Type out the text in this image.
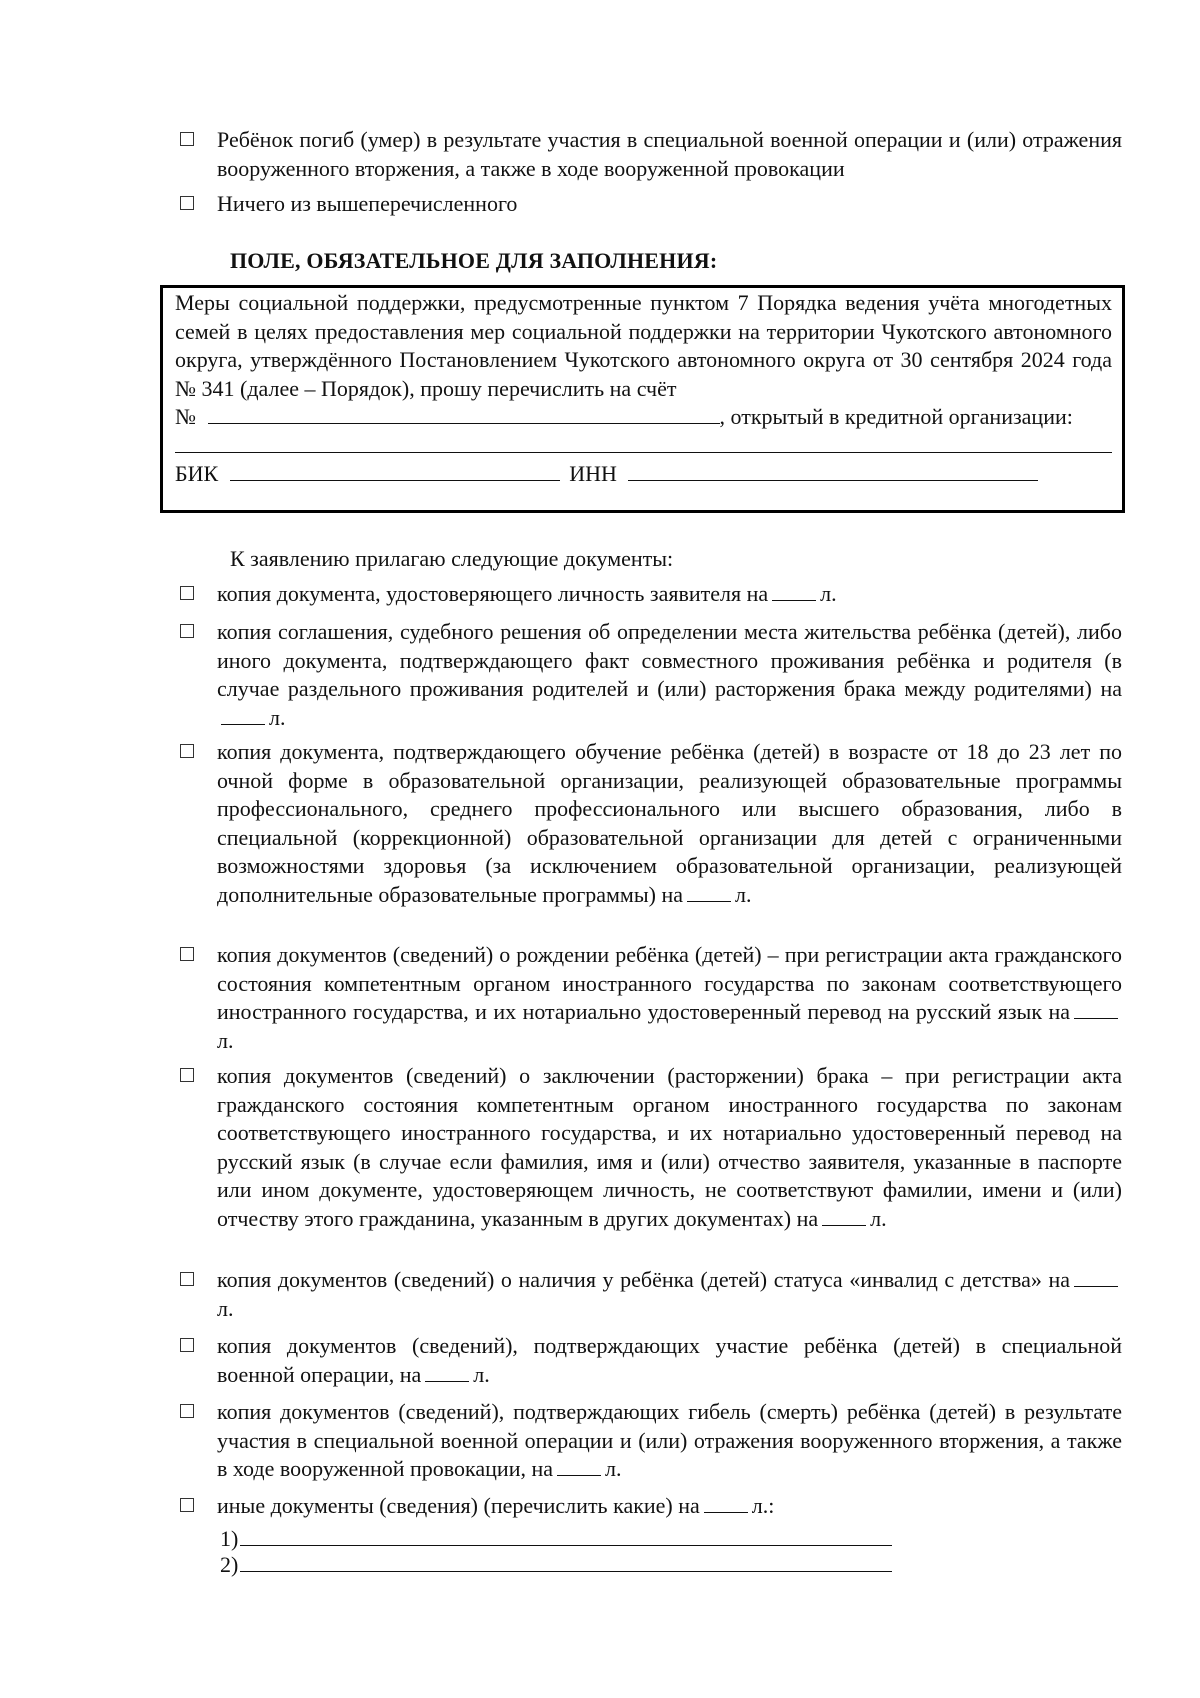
Ребёнок погиб (умер) в результате участия в специальной военной операции и (или) отражения вооруженного вторжения, а также в ходе вооруженной провокации
Ничего из вышеперечисленного
ПОЛЕ, ОБЯЗАТЕЛЬНОЕ ДЛЯ ЗАПОЛНЕНИЯ:
Меры социальной поддержки, предусмотренные пунктом 7 Порядка ведения учёта многодетных семей в целях предоставления мер социальной поддержки на территории Чукотского автономного округа, утверждённого Постановлением Чукотского автономного округа от 30 сентября 2024 года № 341 (далее – Порядок), прошу перечислить на счёт
№	, открытый в кредитной организации:
БИК	ИНН
К заявлению прилагаю следующие документы:
копия документа, удостоверяющего личность заявителя на л.
копия соглашения, судебного решения об определении места жительства ребёнка (детей), либо иного документа, подтверждающего факт совместного проживания ребёнка и родителя (в случае раздельного проживания родителей и (или) расторжения брака между родителями) нал.
копия документа, подтверждающего обучение ребёнка (детей) в возрасте от 18 до 23 лет по очной форме в образовательной организации, реализующей образовательные программы профессионального, среднего профессионального или высшего образования, либо в специальной (коррекционной) образовательной организации для детей с ограниченными возможностями здоровья (за исключением образовательной организации, реализующей дополнительные образовательные программы) на л.
копия документов (сведений) о рождении ребёнка (детей) – при регистрации акта гражданского состояния компетентным органом иностранного государства по законам соответствующего иностранного государства, и их нотариально удостоверенный перевод на русский язык нал.
копия документов (сведений) о заключении (расторжении) брака – при регистрации акта гражданского состояния компетентным органом иностранного государства по законам соответствующего иностранного государства, и их нотариально удостоверенный перевод на русский язык (в случае если фамилия, имя и (или) отчество заявителя, указанные в паспорте или ином документе, удостоверяющем личность, не соответствуют фамилии, имени и (или) отчеству этого гражданина, указанным в других документах) на л.
копия документов (сведений) о наличия у ребёнка (детей) статуса «инвалид с детства» нал.
копия документов (сведений), подтверждающих участие ребёнка (детей) в специальной военной операции, на л.
копия документов (сведений), подтверждающих гибель (смерть) ребёнка (детей) в результате участия в специальной военной операции и (или) отражения вооруженного вторжения, а также в ходе вооруженной провокации, на л.
иные документы (сведения) (перечислить какие) на л.:
1)
2)
